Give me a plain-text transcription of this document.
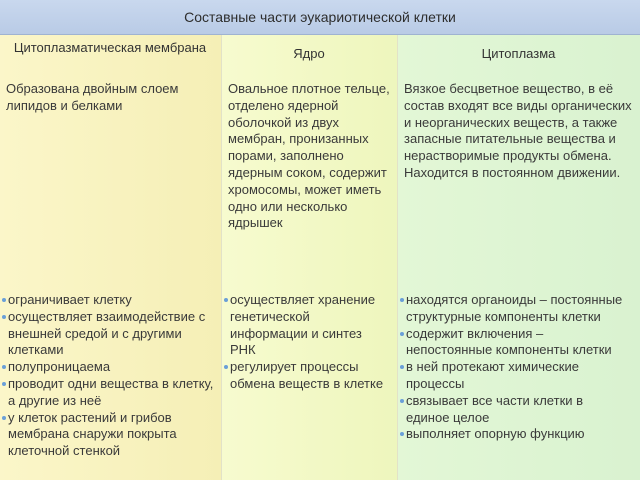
Составные части эукариотической клетки
Цитоплазматическая мембрана	Ядро	Цитоплазма
Образована двойным слоем липидов и белками
Овальное плотное тельце, отделено ядерной оболочкой из двух мембран, пронизанных порами, заполнено ядерным соком, содержит хромосомы, может иметь одно или несколько ядрышек
Вязкое бесцветное вещество, в её состав входят все виды органических и неорганических веществ, а также запасные питательные вещества и нерастворимые продукты обмена. Находится в постоянном движении.
ограничивает клетку
осуществляет взаимодействие с внешней средой и с другими клетками
полупроницаема
проводит одни вещества в клетку, а другие из неё
у клеток растений и грибов мембрана снаружи покрыта клеточной стенкой
осуществляет хранение генетической информации и синтез РНК
регулирует процессы обмена веществ в клетке
находятся органоиды – постоянные структурные компоненты клетки
содержит включения – непостоянные компоненты клетки
в ней протекают химические процессы
связывает все части клетки в единое целое
выполняет опорную функцию
